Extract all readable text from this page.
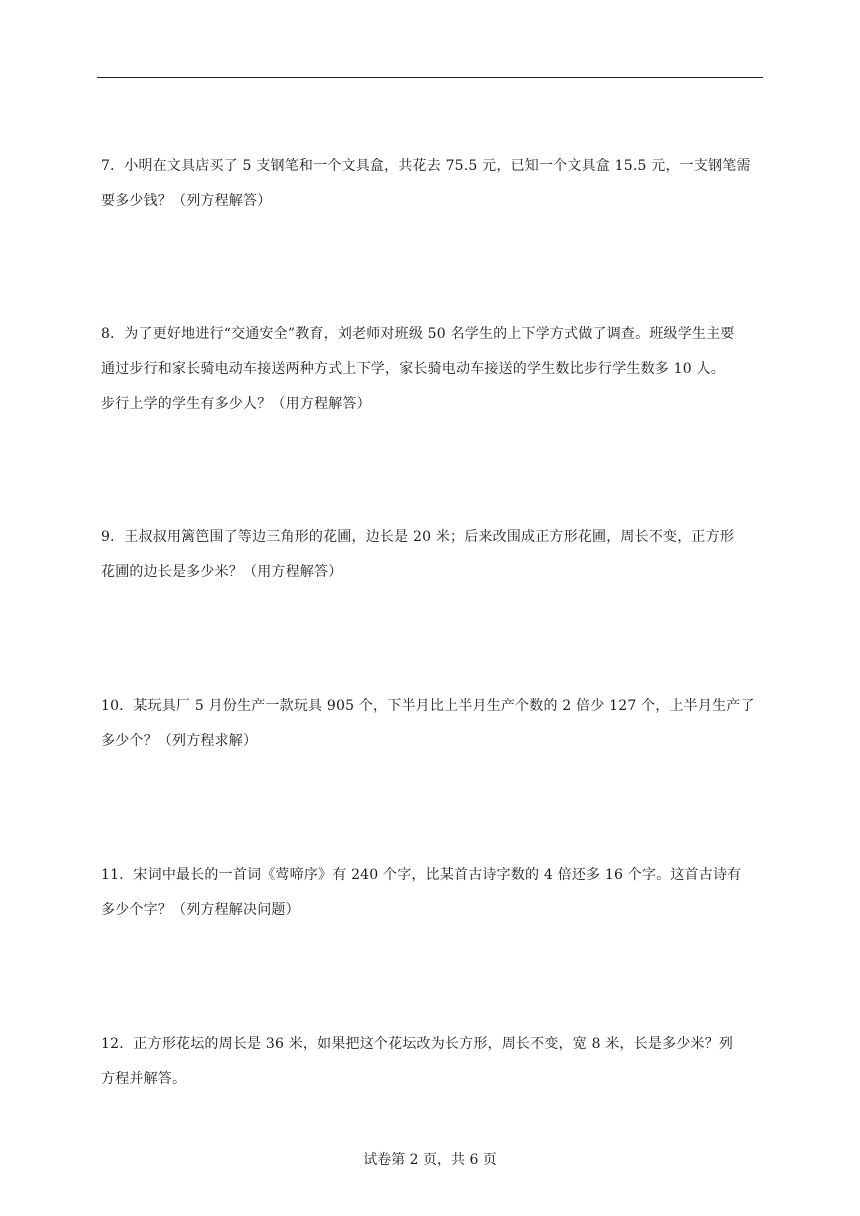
7．小明在文具店买了 5 支钢笔和一个文具盒，共花去 75.5 元，已知一个文具盒 15.5 元，一支钢笔需
要多少钱？（列方程解答）
8．为了更好地进行“交通安全”教育，刘老师对班级 50 名学生的上下学方式做了调查。班级学生主要
通过步行和家长骑电动车接送两种方式上下学，家长骑电动车接送的学生数比步行学生数多 10 人。
步行上学的学生有多少人？（用方程解答）
9．王叔叔用篱笆围了等边三角形的花圃，边长是 20 米；后来改围成正方形花圃，周长不变，正方形
花圃的边长是多少米？（用方程解答）
10．某玩具厂 5 月份生产一款玩具 905 个，下半月比上半月生产个数的 2 倍少 127 个，上半月生产了
多少个？（列方程求解）
11．宋词中最长的一首词《莺啼序》有 240 个字，比某首古诗字数的 4 倍还多 16 个字。这首古诗有
多少个字？（列方程解决问题）
12．正方形花坛的周长是 36 米，如果把这个花坛改为长方形，周长不变，宽 8 米，长是多少米？列
方程并解答。
试卷第 2 页，共 6 页
